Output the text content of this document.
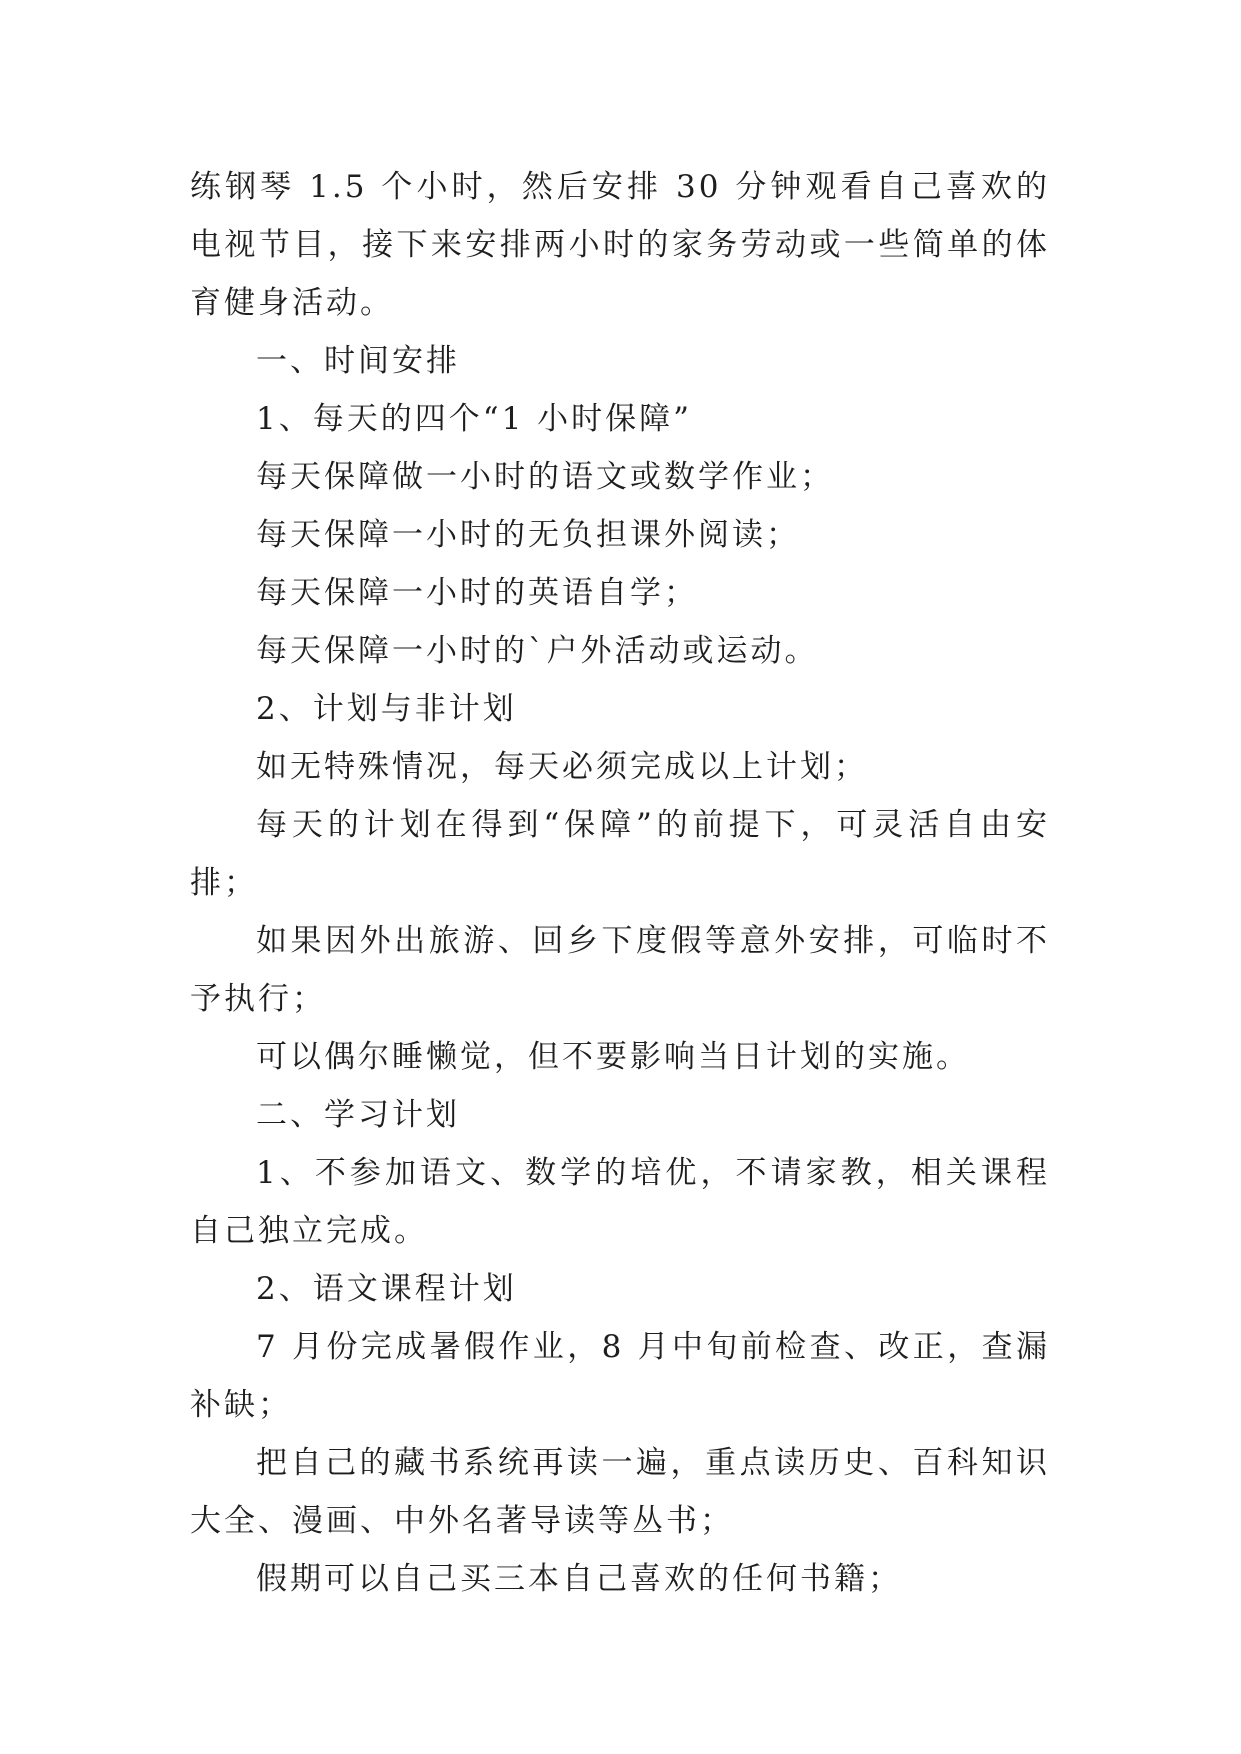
练钢琴 1.5 个小时，然后安排 30 分钟观看自己喜欢的电视节目，接下来安排两小时的家务劳动或一些简单的体育健身活动。

一、时间安排

1、每天的四个“1 小时保障”

每天保障做一小时的语文或数学作业；

每天保障一小时的无负担课外阅读；

每天保障一小时的英语自学；

每天保障一小时的`户外活动或运动。

2、计划与非计划

如无特殊情况，每天必须完成以上计划；

每天的计划在得到“保障”的前提下，可灵活自由安排；

如果因外出旅游、回乡下度假等意外安排，可临时不予执行；

可以偶尔睡懒觉，但不要影响当日计划的实施。

二、学习计划

1、不参加语文、数学的培优，不请家教，相关课程自己独立完成。

2、语文课程计划

7 月份完成暑假作业，8 月中旬前检查、改正，查漏补缺；

把自己的藏书系统再读一遍，重点读历史、百科知识大全、漫画、中外名著导读等丛书；

假期可以自己买三本自己喜欢的任何书籍；
